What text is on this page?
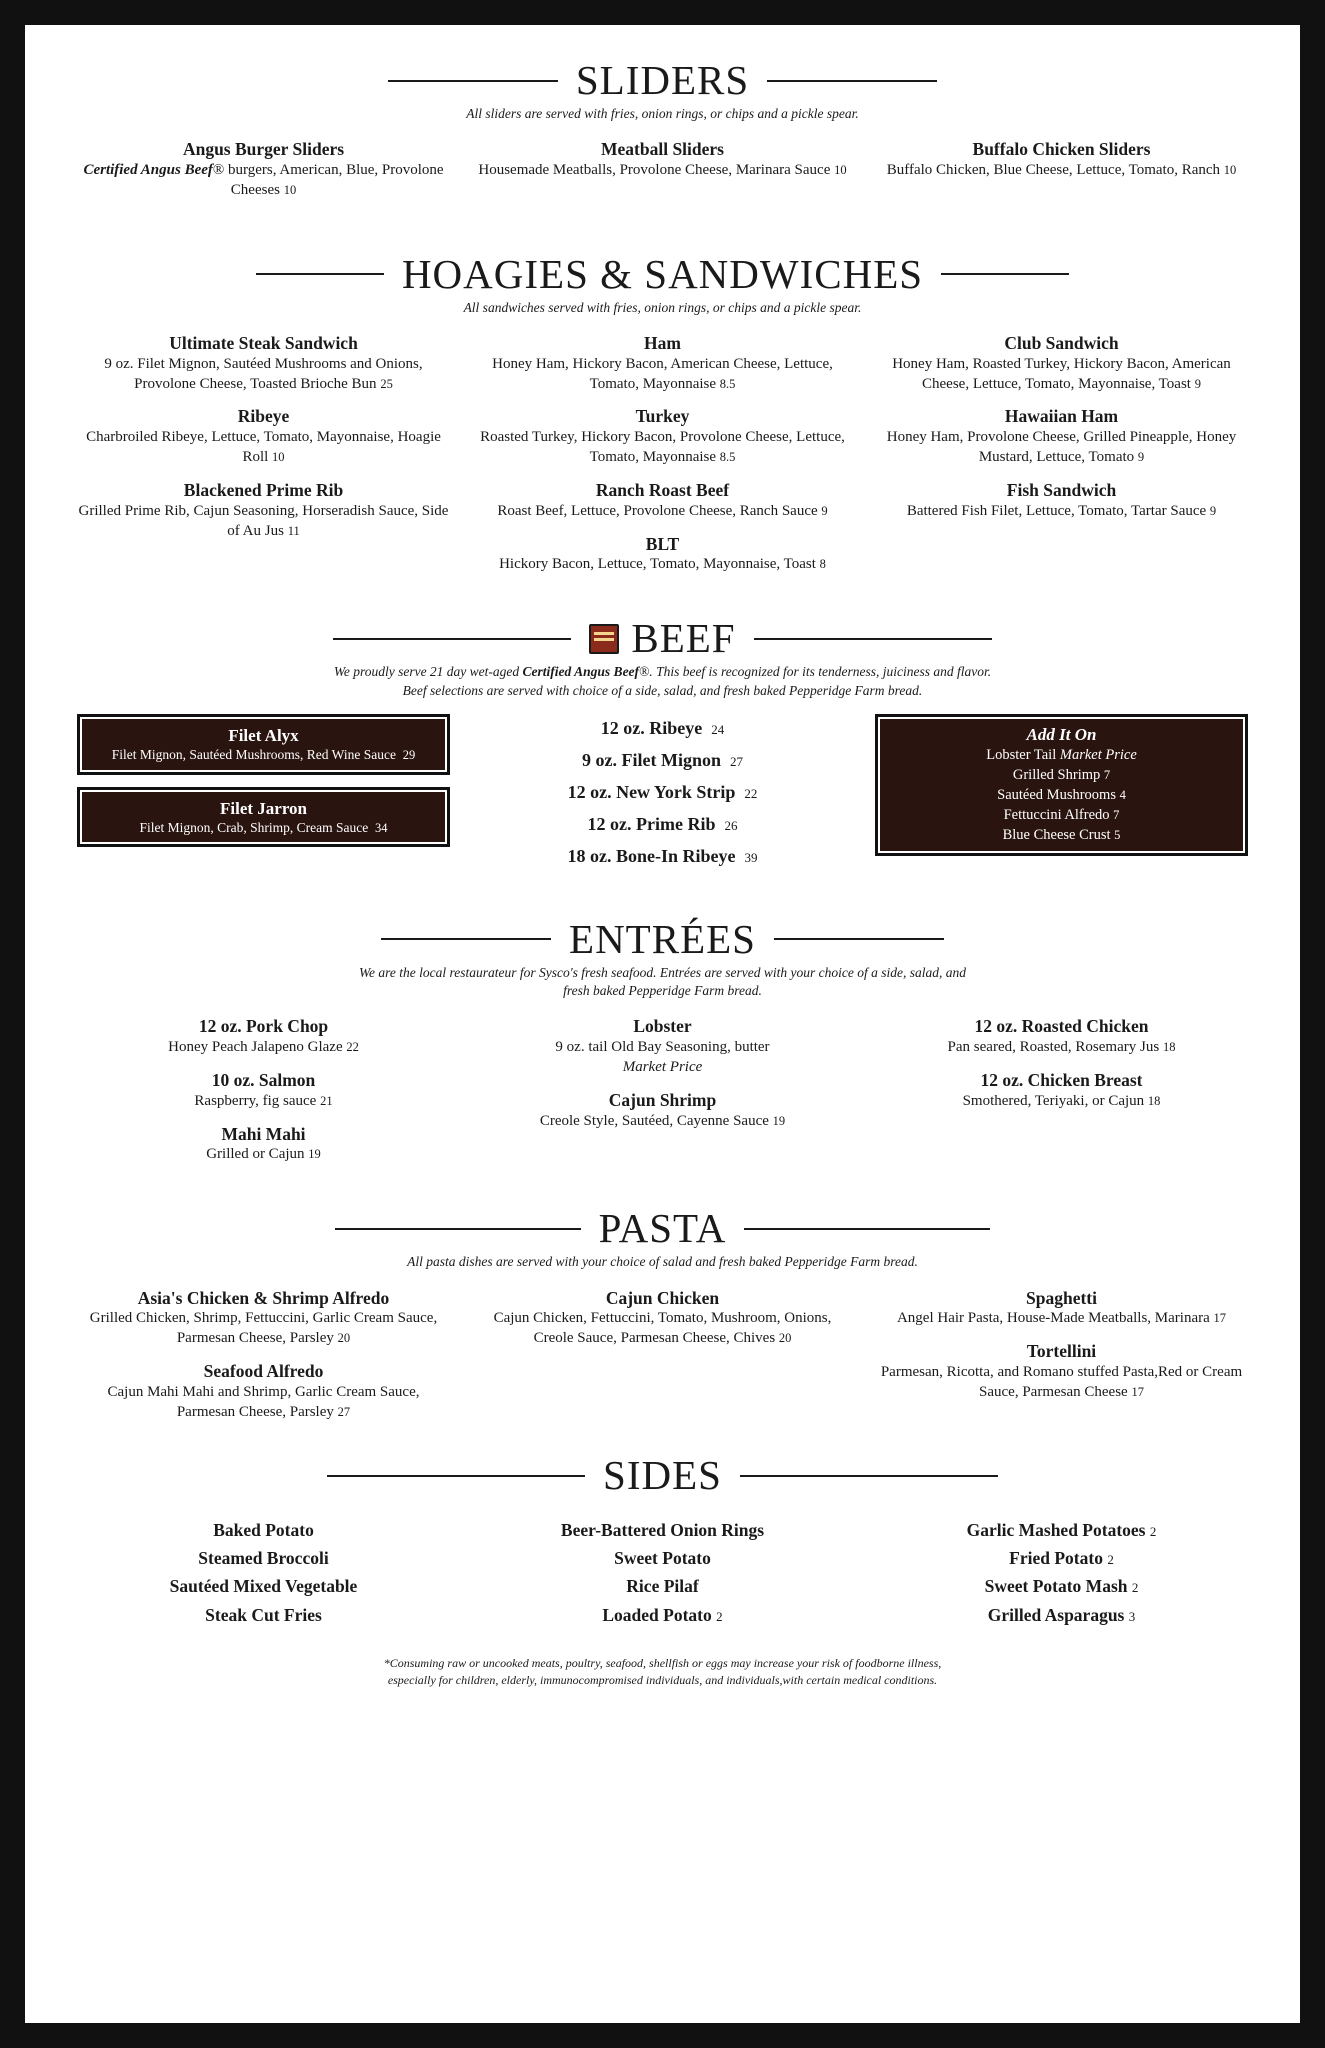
SLIDERS
All sliders are served with fries, onion rings, or chips and a pickle spear.
Angus Burger Sliders
Certified Angus Beef® burgers, American, Blue, Provolone Cheeses 10
Meatball Sliders
Housemade Meatballs, Provolone Cheese, Marinara Sauce 10
Buffalo Chicken Sliders
Buffalo Chicken, Blue Cheese, Lettuce, Tomato, Ranch 10
HOAGIES & SANDWICHES
All sandwiches served with fries, onion rings, or chips and a pickle spear.
Ultimate Steak Sandwich
9 oz. Filet Mignon, Sautéed Mushrooms and Onions, Provolone Cheese, Toasted Brioche Bun 25
Ribeye
Charbroiled Ribeye, Lettuce, Tomato, Mayonnaise, Hoagie Roll 10
Blackened Prime Rib
Grilled Prime Rib, Cajun Seasoning, Horseradish Sauce, Side of Au Jus 11
Ham
Honey Ham, Hickory Bacon, American Cheese, Lettuce, Tomato, Mayonnaise 8.5
Turkey
Roasted Turkey, Hickory Bacon, Provolone Cheese, Lettuce, Tomato, Mayonnaise 8.5
Ranch Roast Beef
Roast Beef, Lettuce, Provolone Cheese, Ranch Sauce 9
BLT
Hickory Bacon, Lettuce, Tomato, Mayonnaise, Toast 8
Club Sandwich
Honey Ham, Roasted Turkey, Hickory Bacon, American Cheese, Lettuce, Tomato, Mayonnaise, Toast 9
Hawaiian Ham
Honey Ham, Provolone Cheese, Grilled Pineapple, Honey Mustard, Lettuce, Tomato 9
Fish Sandwich
Battered Fish Filet, Lettuce, Tomato, Tartar Sauce 9
BEEF
We proudly serve 21 day wet-aged Certified Angus Beef®. This beef is recognized for its tenderness, juiciness and flavor.
Beef selections are served with choice of a side, salad, and fresh baked Pepperidge Farm bread.
Filet Alyx
Filet Mignon, Sautéed Mushrooms, Red Wine Sauce 29
Filet Jarron
Filet Mignon, Crab, Shrimp, Cream Sauce 34
12 oz. Ribeye 24
9 oz. Filet Mignon 27
12 oz. New York Strip 22
12 oz. Prime Rib 26
18 oz. Bone-In Ribeye 39
Add It On
Lobster Tail Market Price
Grilled Shrimp 7
Sautéed Mushrooms 4
Fettuccini Alfredo 7
Blue Cheese Crust 5
ENTRÉES
We are the local restaurateur for Sysco's fresh seafood. Entrées are served with your choice of a side, salad, and fresh baked Pepperidge Farm bread.
12 oz. Pork Chop
Honey Peach Jalapeno Glaze 22
10 oz. Salmon
Raspberry, fig sauce 21
Mahi Mahi
Grilled or Cajun 19
Lobster
9 oz. tail Old Bay Seasoning, butter
Market Price
Cajun Shrimp
Creole Style, Sautéed, Cayenne Sauce 19
12 oz. Roasted Chicken
Pan seared, Roasted, Rosemary Jus 18
12 oz. Chicken Breast
Smothered, Teriyaki, or Cajun 18
PASTA
All pasta dishes are served with your choice of salad and fresh baked Pepperidge Farm bread.
Asia's Chicken & Shrimp Alfredo
Grilled Chicken, Shrimp, Fettuccini, Garlic Cream Sauce, Parmesan Cheese, Parsley 20
Seafood Alfredo
Cajun Mahi Mahi and Shrimp, Garlic Cream Sauce, Parmesan Cheese, Parsley 27
Cajun Chicken
Cajun Chicken, Fettuccini, Tomato, Mushroom, Onions, Creole Sauce, Parmesan Cheese, Chives 20
Spaghetti
Angel Hair Pasta, House-Made Meatballs, Marinara 17
Tortellini
Parmesan, Ricotta, and Romano stuffed Pasta,Red or Cream Sauce, Parmesan Cheese 17
SIDES
Baked Potato
Steamed Broccoli
Sautéed Mixed Vegetable
Steak Cut Fries
Beer-Battered Onion Rings
Sweet Potato
Rice Pilaf
Loaded Potato 2
Garlic Mashed Potatoes 2
Fried Potato 2
Sweet Potato Mash 2
Grilled Asparagus 3
*Consuming raw or uncooked meats, poultry, seafood, shellfish or eggs may increase your risk of foodborne illness,
especially for children, elderly, immunocompromised individuals, and individuals,with certain medical conditions.
